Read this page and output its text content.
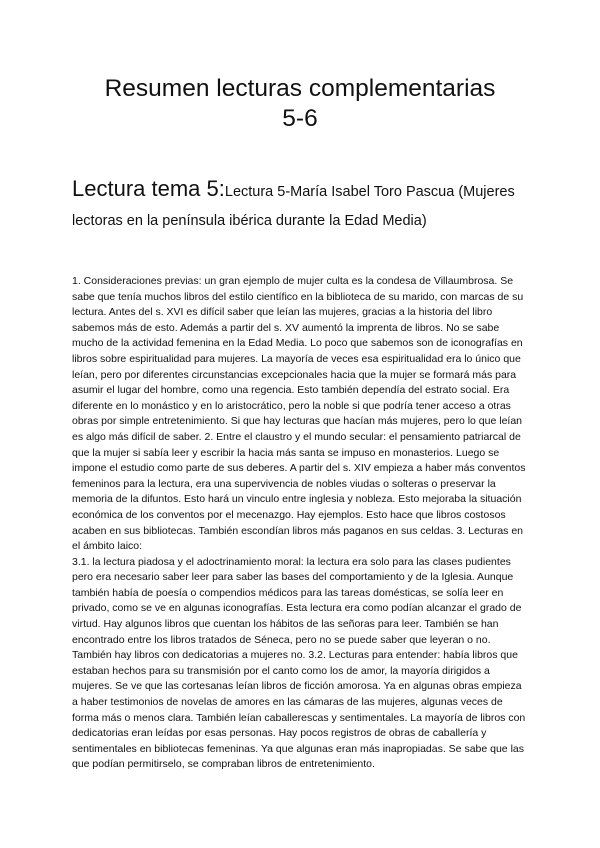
Resumen lecturas complementarias
5-6
Lectura tema 5:Lectura 5-María Isabel Toro Pascua (Mujeres lectoras en la península ibérica durante la Edad Media)

1. Consideraciones previas: un gran ejemplo de mujer culta es la condesa de Villaumbrosa. Se sabe que tenía muchos libros del estilo científico en la biblioteca de su marido, con marcas de su lectura. Antes del s. XVI es difícil saber que leían las mujeres, gracias a la historia del libro sabemos más de esto. Además a partir del s. XV aumentó la imprenta de libros. No se sabe mucho de la actividad femenina en la Edad Media. Lo poco que sabemos son de iconografías en libros sobre espiritualidad para mujeres. La mayoría de veces esa espiritualidad era lo único que leían, pero por diferentes circunstancias excepcionales hacia que la mujer se formará más para asumir el lugar del hombre, como una regencia. Esto también dependía del estrato social. Era diferente en lo monástico y en lo aristocrático, pero la noble si que podría tener acceso a otras obras por simple entretenimiento. Si que hay lecturas que hacían más mujeres, pero lo que leían es algo más difícil de saber. 2. Entre el claustro y el mundo secular: el pensamiento patriarcal de que la mujer si sabía leer y escribir la hacia más santa se impuso en monasterios. Luego se impone el estudio como parte de sus deberes. A partir del s. XIV empieza a haber más conventos femeninos para la lectura, era una supervivencia de nobles viudas o solteras o preservar la memoria de la difuntos. Esto hará un vinculo entre inglesia y nobleza. Esto mejoraba la situación económica de los conventos por el mecenazgo. Hay ejemplos. Esto hace que libros costosos acaben en sus bibliotecas. También escondían libros más paganos en sus celdas. 3. Lecturas en el ámbito laico:

3.1. la lectura piadosa y el adoctrinamiento moral: la lectura era solo para las clases pudientes pero era necesario saber leer para saber las bases del comportamiento y de la Iglesia. Aunque también había de poesía o compendios médicos para las tareas domésticas, se solía leer en privado, como se ve en algunas iconografías. Esta lectura era como podían alcanzar el grado de virtud. Hay algunos libros que cuentan los hábitos de las señoras para leer. También se han encontrado entre los libros tratados de Séneca, pero no se puede saber que leyeran o no. También hay libros con dedicatorias a mujeres no. 3.2. Lecturas para entender: había libros que estaban hechos para su transmisión por el canto como los de amor, la mayoría dirigidos a mujeres. Se ve que las cortesanas leían libros de ficción amorosa. Ya en algunas obras empieza a haber testimonios de novelas de amores en las cámaras de las mujeres, algunas veces de forma más o menos clara. También leían caballerescas y sentimentales. La mayoría de libros con dedicatorias eran leídas por esas personas. Hay pocos registros de obras de caballería y sentimentales en bibliotecas femeninas. Ya que algunas eran más inapropiadas. Se sabe que las que podían permitirselo, se compraban libros de entretenimiento.
